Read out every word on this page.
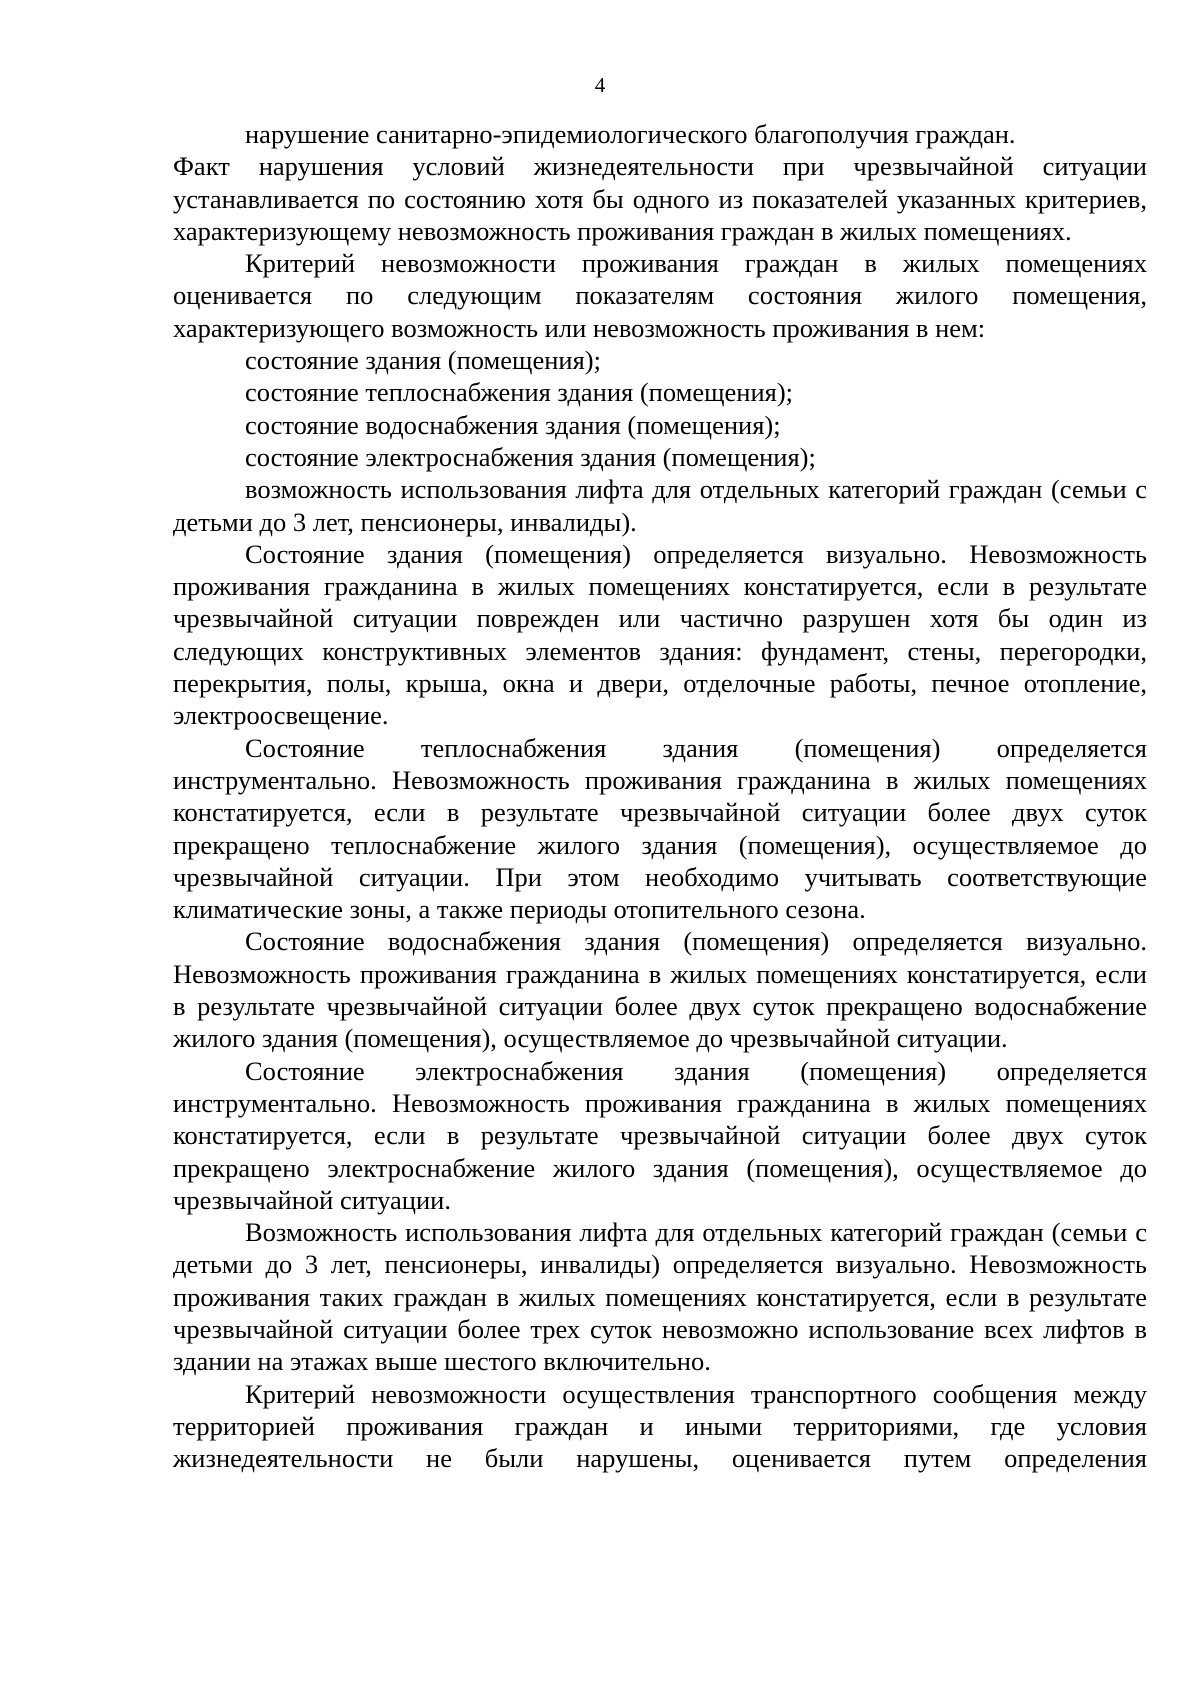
4

нарушение санитарно-эпидемиологического благополучия граждан.

Факт нарушения условий жизнедеятельности при чрезвычайной ситуации устанавливается по состоянию хотя бы одного из показателей указанных критериев, характеризующему невозможность проживания граждан в жилых помещениях.

Критерий невозможности проживания граждан в жилых помещениях оценивается по следующим показателям состояния жилого помещения, характеризующего возможность или невозможность проживания в нем:

состояние здания (помещения);

состояние теплоснабжения здания (помещения);

состояние водоснабжения здания (помещения);

состояние электроснабжения здания (помещения);

возможность использования лифта для отдельных категорий граждан (семьи с детьми до 3 лет, пенсионеры, инвалиды).

Состояние здания (помещения) определяется визуально. Невозможность проживания гражданина в жилых помещениях констатируется, если в результате чрезвычайной ситуации поврежден или частично разрушен хотя бы один из следующих конструктивных элементов здания: фундамент, стены, перегородки, перекрытия, полы, крыша, окна и двери, отделочные работы, печное отопление, электроосвещение.

Состояние теплоснабжения здания (помещения) определяется инструментально. Невозможность проживания гражданина в жилых помещениях констатируется, если в результате чрезвычайной ситуации более двух суток прекращено теплоснабжение жилого здания (помещения), осуществляемое до чрезвычайной ситуации. При этом необходимо учитывать соответствующие климатические зоны, а также периоды отопительного сезона.

Состояние водоснабжения здания (помещения) определяется визуально. Невозможность проживания гражданина в жилых помещениях констатируется, если в результате чрезвычайной ситуации более двух суток прекращено водоснабжение жилого здания (помещения), осуществляемое до чрезвычайной ситуации.

Состояние электроснабжения здания (помещения) определяется инструментально. Невозможность проживания гражданина в жилых помещениях констатируется, если в результате чрезвычайной ситуации более двух суток прекращено электроснабжение жилого здания (помещения), осуществляемое до чрезвычайной ситуации.

Возможность использования лифта для отдельных категорий граждан (семьи с детьми до 3 лет, пенсионеры, инвалиды) определяется визуально. Невозможность проживания таких граждан в жилых помещениях констатируется, если в результате чрезвычайной ситуации более трех суток невозможно использование всех лифтов в здании на этажах выше шестого включительно.

Критерий невозможности осуществления транспортного сообщения между территорией проживания граждан и иными территориями, где условия жизнедеятельности не были нарушены, оценивается путем определения
